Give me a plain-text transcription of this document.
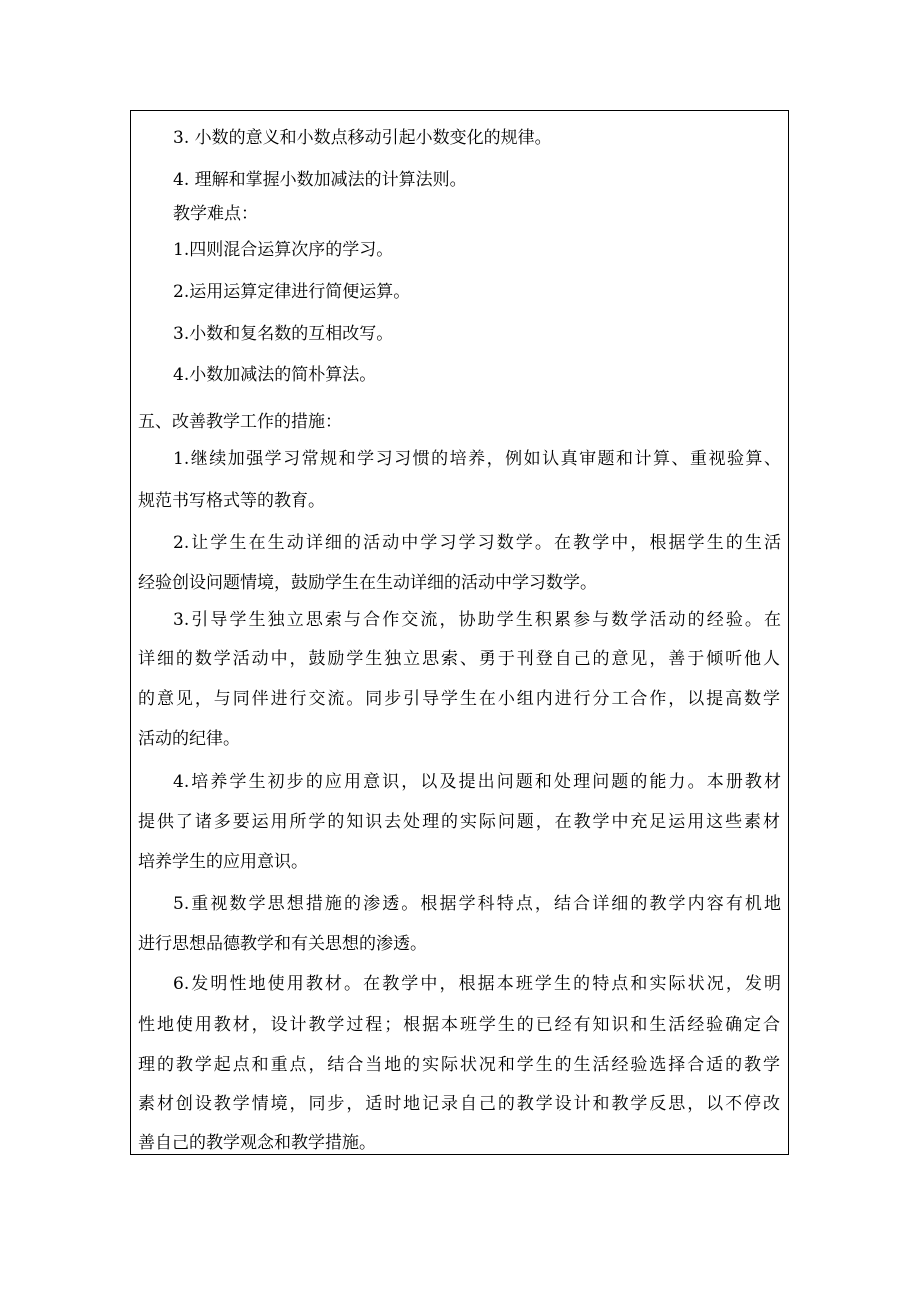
3. 小数的意义和小数点移动引起小数变化的规律。
4. 理解和掌握小数加减法的计算法则。
教学难点：
1.四则混合运算次序的学习。
2.运用运算定律进行简便运算。
3.小数和复名数的互相改写。
4.小数加减法的简朴算法。
五、改善教学工作的措施：
1.继续加强学习常规和学习习惯的培养，例如认真审题和计算、重视验算、
规范书写格式等的教育。
2.让学生在生动详细的活动中学习学习数学。在教学中，根据学生的生活
经验创设问题情境，鼓励学生在生动详细的活动中学习数学。
3.引导学生独立思索与合作交流，协助学生积累参与数学活动的经验。在
详细的数学活动中，鼓励学生独立思索、勇于刊登自己的意见，善于倾听他人
的意见，与同伴进行交流。同步引导学生在小组内进行分工合作，以提高数学
活动的纪律。
4.培养学生初步的应用意识，以及提出问题和处理问题的能力。本册教材
提供了诸多要运用所学的知识去处理的实际问题，在教学中充足运用这些素材
培养学生的应用意识。
5.重视数学思想措施的渗透。根据学科特点，结合详细的教学内容有机地
进行思想品德教学和有关思想的渗透。
6.发明性地使用教材。在教学中，根据本班学生的特点和实际状况，发明
性地使用教材，设计教学过程；根据本班学生的已经有知识和生活经验确定合
理的教学起点和重点，结合当地的实际状况和学生的生活经验选择合适的教学
素材创设教学情境，同步，适时地记录自己的教学设计和教学反思，以不停改
善自己的教学观念和教学措施。
